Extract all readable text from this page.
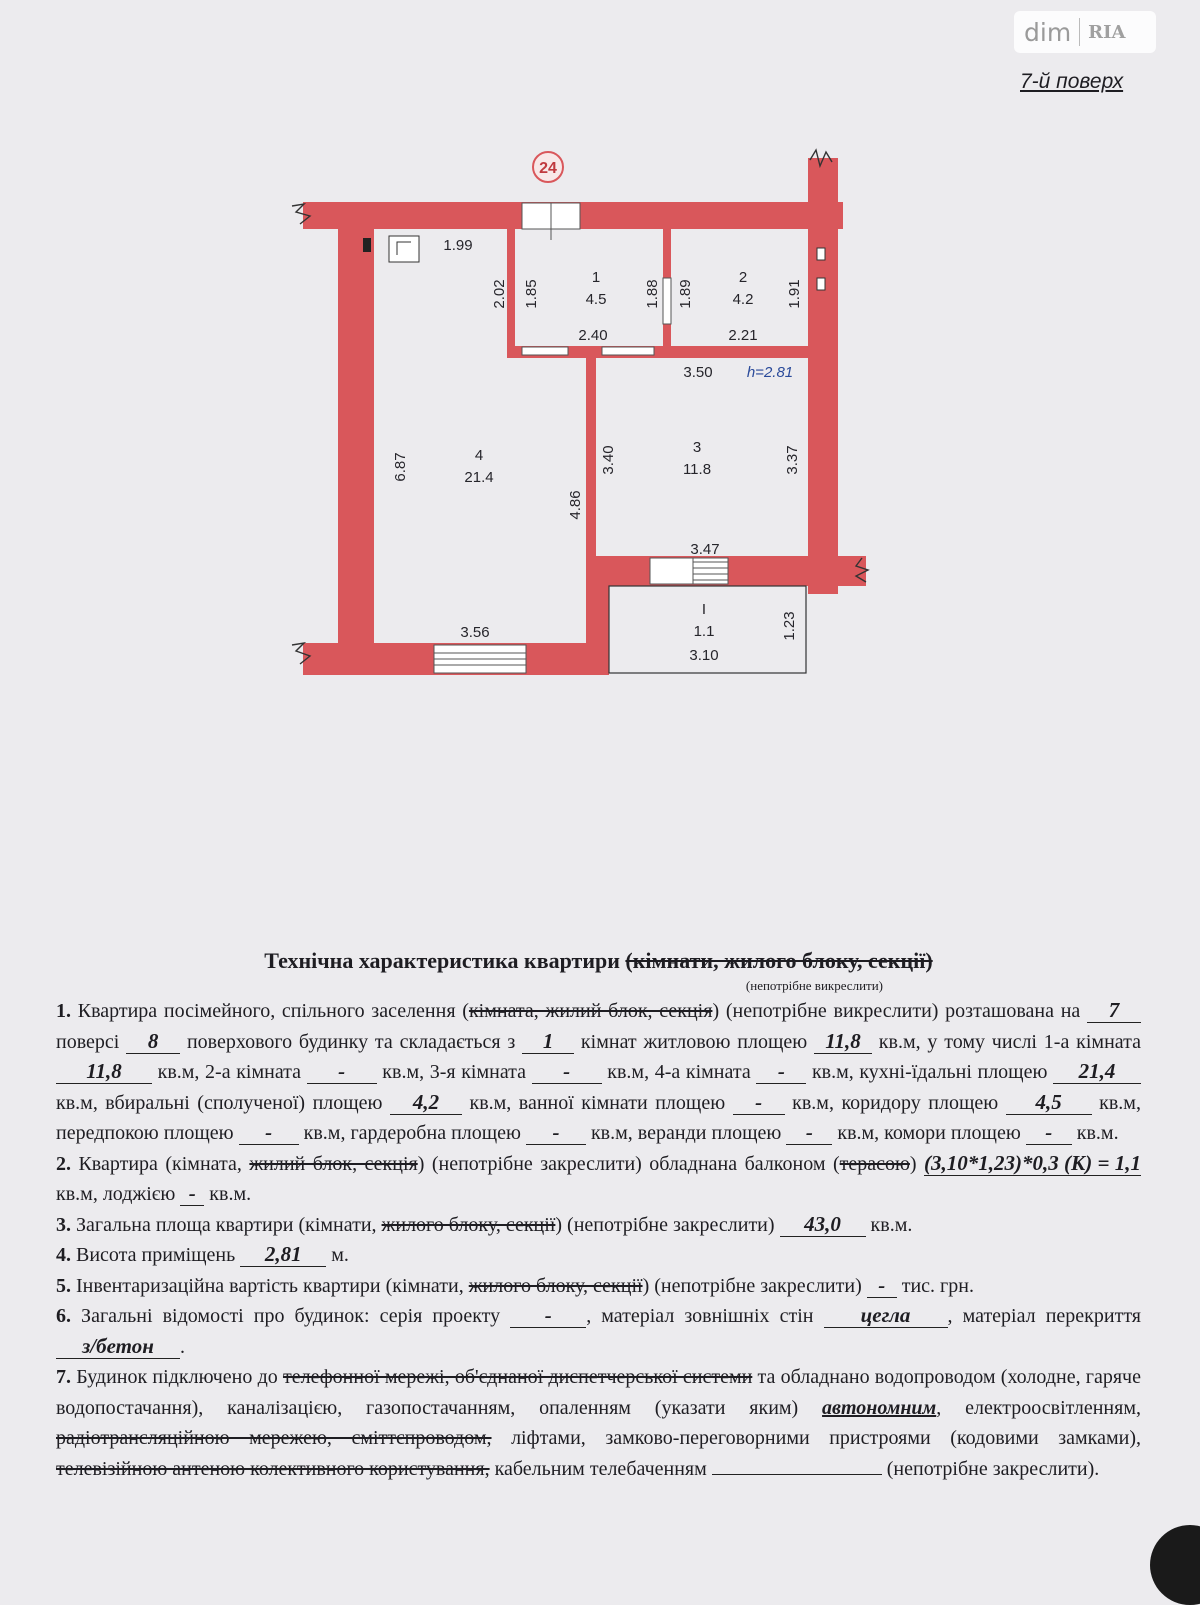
dim RIA
7-й поверх
24
1
4.5
2
4.2
3
11.8
4
21.4
I
1.1
1.99
2.02 1.85	1.88 1.89	1.91
2.40	2.21
3.50 h=2.81
6.87	3.40	3.37
4.86
3.47
3.56	1.23
3.10

Технічна характеристика квартири (кімнати, жилого блоку, секції)

(непотрібне викреслити)

1. Квартира посімейного, спільного заселення (кімната, жилий блок, секція) (непотрібне викреслити) розташована на 7 поверсі 8 поверхового будинку та складається з 1 кімнат житловою площею 11,8 кв.м, у тому числі 1-а кімната 11,8 кв.м, 2-а кімната - кв.м, 3-я кімната - кв.м, 4-а кімната - кв.м, кухні-їдальні площею 21,4 кв.м, вбиральні (сполученої) площею 4,2 кв.м, ванної кімнати площею - кв.м, коридору площею 4,5 кв.м, передпокою площею - кв.м, гардеробна площею - кв.м, веранди площею - кв.м, комори площею - кв.м.

2. Квартира (кімната, жилий блок, секція) (непотрібне закреслити) обладнана балконом (терасою) (3,10*1,23)*0,3 (К) = 1,1 кв.м, лоджією - кв.м.

3. Загальна площа квартири (кімнати, жилого блоку, секції) (непотрібне закреслити) 43,0 кв.м.

4. Висота приміщень 2,81 м.

5. Інвентаризаційна вартість квартири (кімнати, жилого блоку, секції) (непотрібне закреслити) - тис. грн.

6. Загальні відомості про будинок: серія проекту - , матеріал зовнішніх стін цегла , матеріал перекриття з/бетон .

7. Будинок підключено до телефонної мережі, об'єднаної диспетчерської системи та обладнано водопроводом (холодне, гаряче водопостачання), каналізацією, газопостачанням, опаленням (указати яким) автономним, електроосвітленням, радіотрансляційною мережею, сміттєпроводом, ліфтами, замково-переговорними пристроями (кодовими замками), телевізійною антеною колективного користування, кабельним телебаченням	(непотрібне закреслити).
